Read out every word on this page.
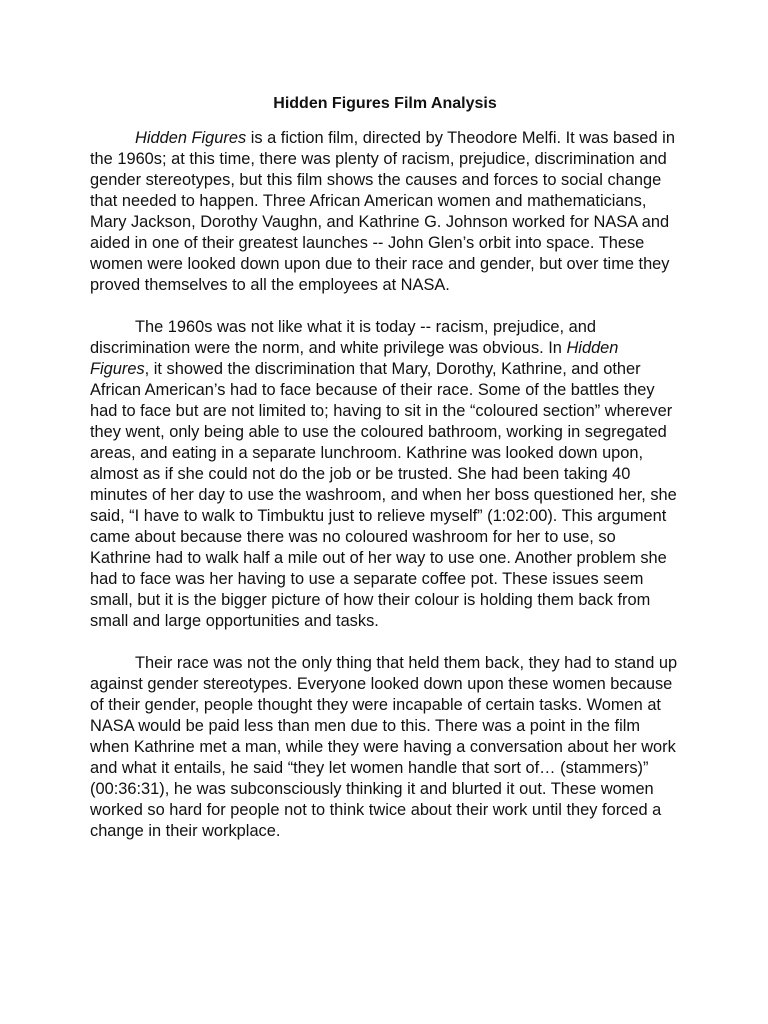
Hidden Figures Film Analysis

Hidden Figures is a fiction film, directed by Theodore Melfi. It was based in the 1960s; at this time, there was plenty of racism, prejudice, discrimination and gender stereotypes, but this film shows the causes and forces to social change that needed to happen. Three African American women and mathematicians, Mary Jackson, Dorothy Vaughn, and Kathrine G. Johnson worked for NASA and aided in one of their greatest launches -- John Glen’s orbit into space. These women were looked down upon due to their race and gender, but over time they proved themselves to all the employees at NASA.

The 1960s was not like what it is today -- racism, prejudice, and discrimination were the norm, and white privilege was obvious. In Hidden Figures, it showed the discrimination that Mary, Dorothy, Kathrine, and other African American’s had to face because of their race. Some of the battles they had to face but are not limited to; having to sit in the “coloured section” wherever they went, only being able to use the coloured bathroom, working in segregated areas, and eating in a separate lunchroom. Kathrine was looked down upon, almost as if she could not do the job or be trusted. She had been taking 40 minutes of her day to use the washroom, and when her boss questioned her, she said, “I have to walk to Timbuktu just to relieve myself” (1:02:00). This argument came about because there was no coloured washroom for her to use, so Kathrine had to walk half a mile out of her way to use one. Another problem she had to face was her having to use a separate coffee pot. These issues seem small, but it is the bigger picture of how their colour is holding them back from small and large opportunities and tasks.

Their race was not the only thing that held them back, they had to stand up against gender stereotypes. Everyone looked down upon these women because of their gender, people thought they were incapable of certain tasks. Women at NASA would be paid less than men due to this. There was a point in the film when Kathrine met a man, while they were having a conversation about her work and what it entails, he said “they let women handle that sort of… (stammers)” (00:36:31), he was subconsciously thinking it and blurted it out. These women worked so hard for people not to think twice about their work until they forced a change in their workplace.
